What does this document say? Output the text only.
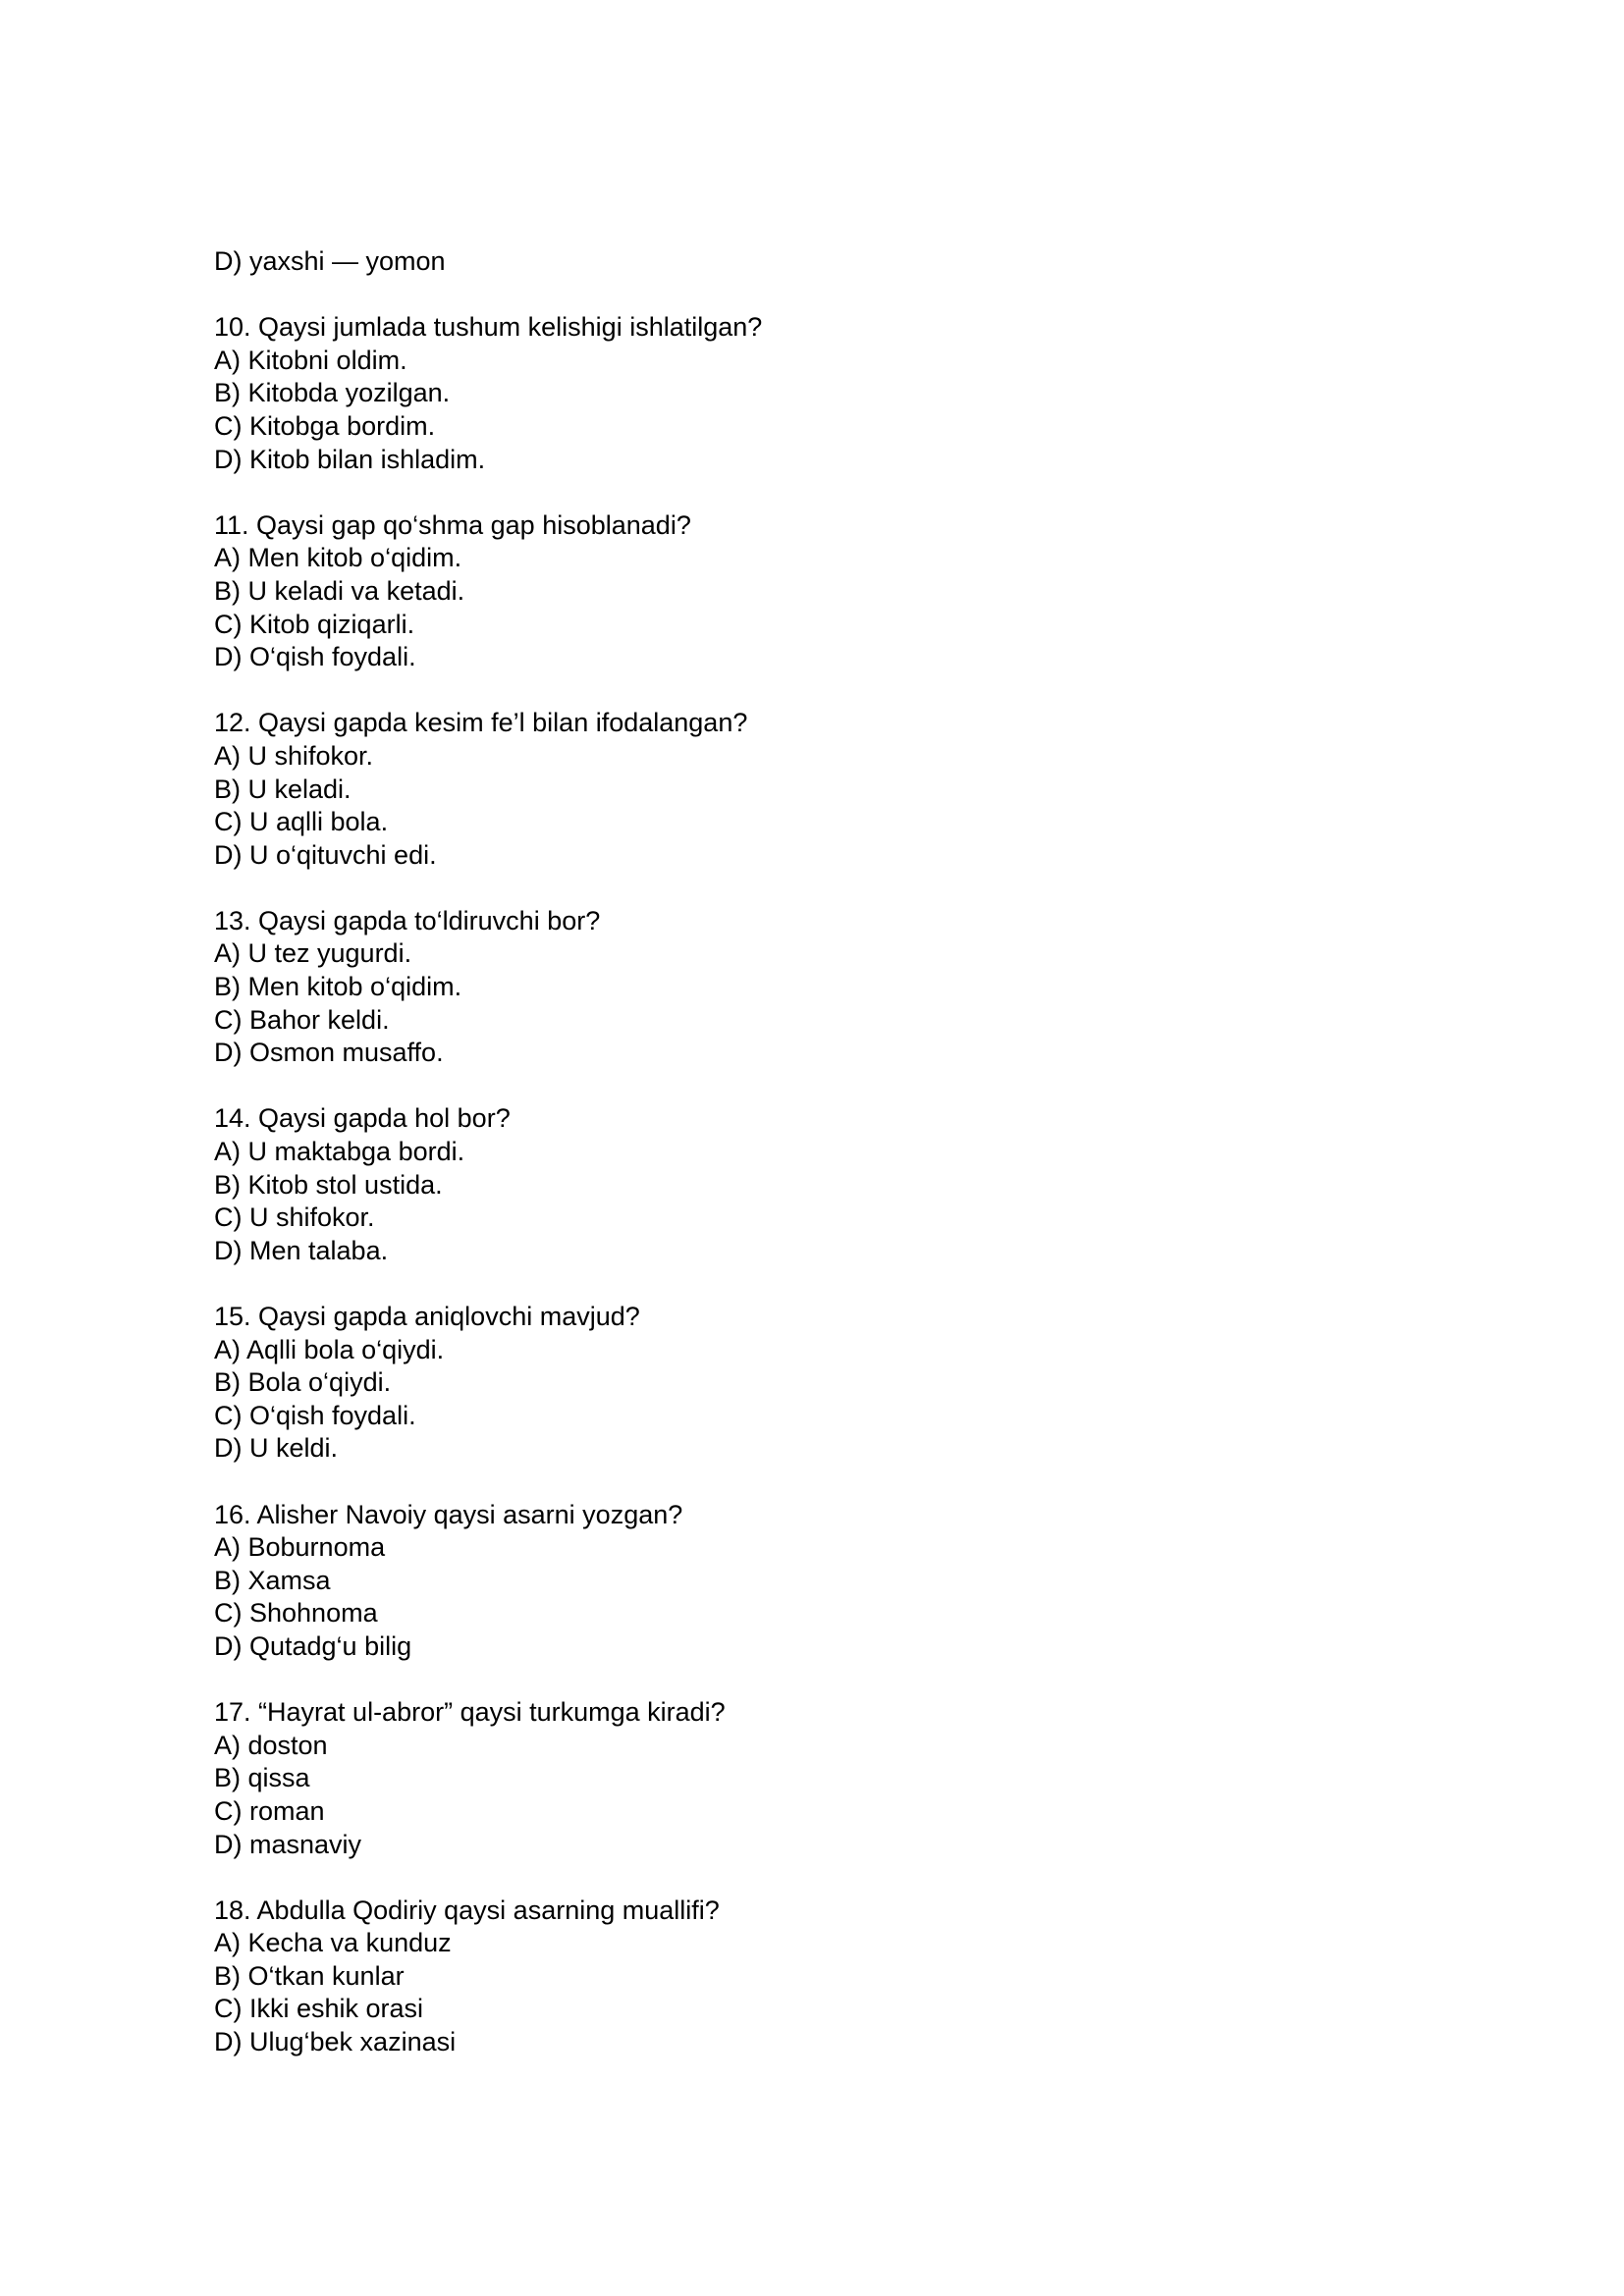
D) yaxshi — yomon
10. Qaysi jumlada tushum kelishigi ishlatilgan?
A) Kitobni oldim.
B) Kitobda yozilgan.
C) Kitobga bordim.
D) Kitob bilan ishladim.
11. Qaysi gap qo‘shma gap hisoblanadi?
A) Men kitob o‘qidim.
B) U keladi va ketadi.
C) Kitob qiziqarli.
D) O‘qish foydali.
12. Qaysi gapda kesim fe’l bilan ifodalangan?
A) U shifokor.
B) U keladi.
C) U aqlli bola.
D) U o‘qituvchi edi.
13. Qaysi gapda to‘ldiruvchi bor?
A) U tez yugurdi.
B) Men kitob o‘qidim.
C) Bahor keldi.
D) Osmon musaffo.
14. Qaysi gapda hol bor?
A) U maktabga bordi.
B) Kitob stol ustida.
C) U shifokor.
D) Men talaba.
15. Qaysi gapda aniqlovchi mavjud?
A) Aqlli bola o‘qiydi.
B) Bola o‘qiydi.
C) O‘qish foydali.
D) U keldi.
16. Alisher Navoiy qaysi asarni yozgan?
A) Boburnoma
B) Xamsa
C) Shohnoma
D) Qutadg‘u bilig
17. “Hayrat ul-abror” qaysi turkumga kiradi?
A) doston
B) qissa
C) roman
D) masnaviy
18. Abdulla Qodiriy qaysi asarning muallifi?
A) Kecha va kunduz
B) O‘tkan kunlar
C) Ikki eshik orasi
D) Ulug‘bek xazinasi
